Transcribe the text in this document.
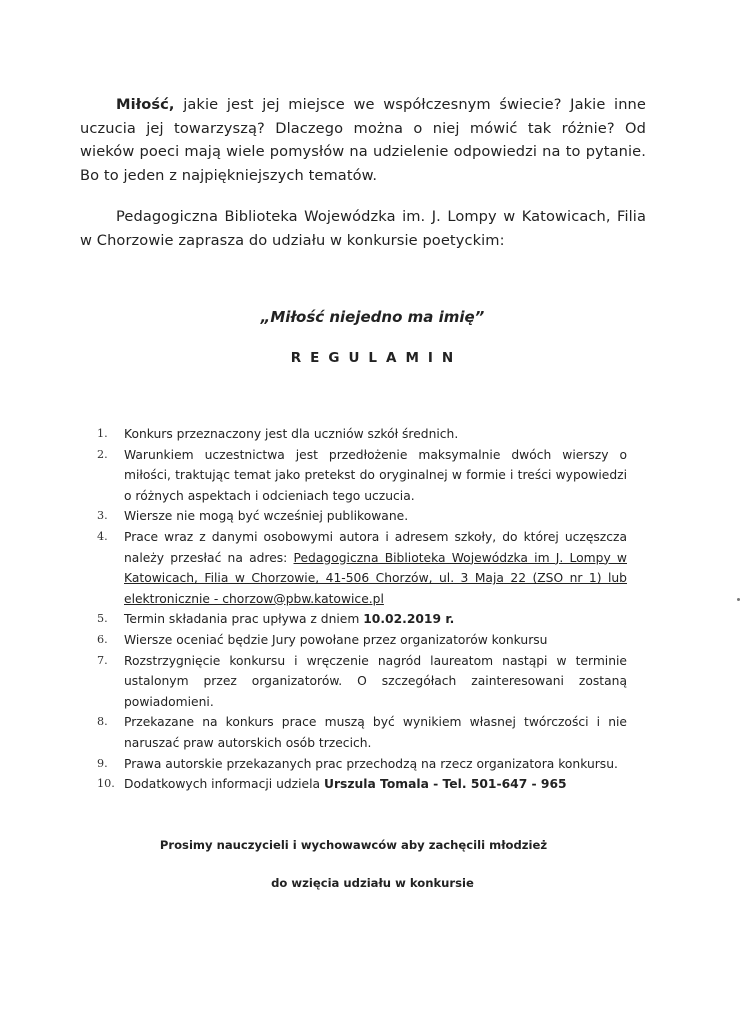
Miłość, jakie jest jej miejsce we współczesnym świecie? Jakie inne uczucia jej towarzyszą? Dlaczego można o niej mówić tak różnie? Od wieków poeci mają wiele pomysłów na udzielenie odpowiedzi na to pytanie. Bo to jeden z najpiękniejszych tematów.

Pedagogiczna Biblioteka Wojewódzka im. J. Lompy w Katowicach, Filia w Chorzowie zaprasza do udziału w konkursie poetyckim:

„Miłość niejedno ma imię”
REGULAMIN
1. Konkurs przeznaczony jest dla uczniów szkół średnich.
2. Warunkiem uczestnictwa jest przedłożenie maksymalnie dwóch wierszy o miłości, traktując temat jako pretekst do oryginalnej w formie i treści wypowiedzi o różnych aspektach i odcieniach tego uczucia.
3. Wiersze nie mogą być wcześniej publikowane.
4. Prace wraz z danymi osobowymi autora i adresem szkoły, do której uczęszcza należy przesłać na adres: Pedagogiczna Biblioteka Wojewódzka im J. Lompy w Katowicach, Filia w Chorzowie, 41-506 Chorzów, ul. 3 Maja 22 (ZSO nr 1) lub elektronicznie - chorzow@pbw.katowice.pl
5. Termin składania prac upływa z dniem 10.02.2019 r.
6. Wiersze oceniać będzie Jury powołane przez organizatorów konkursu
7. Rozstrzygnięcie konkursu i wręczenie nagród laureatom nastąpi w terminie ustalonym przez organizatorów. O szczegółach zainteresowani zostaną powiadomieni.
8. Przekazane na konkurs prace muszą być wynikiem własnej twórczości i nie naruszać praw autorskich osób trzecich.
9. Prawa autorskie przekazanych prac przechodzą na rzecz organizatora konkursu.
10. Dodatkowych informacji udziela Urszula Tomala - Tel. 501-647 - 965
Prosimy nauczycieli i wychowawców aby zachęcili młodzież
do wzięcia udziału w konkursie
